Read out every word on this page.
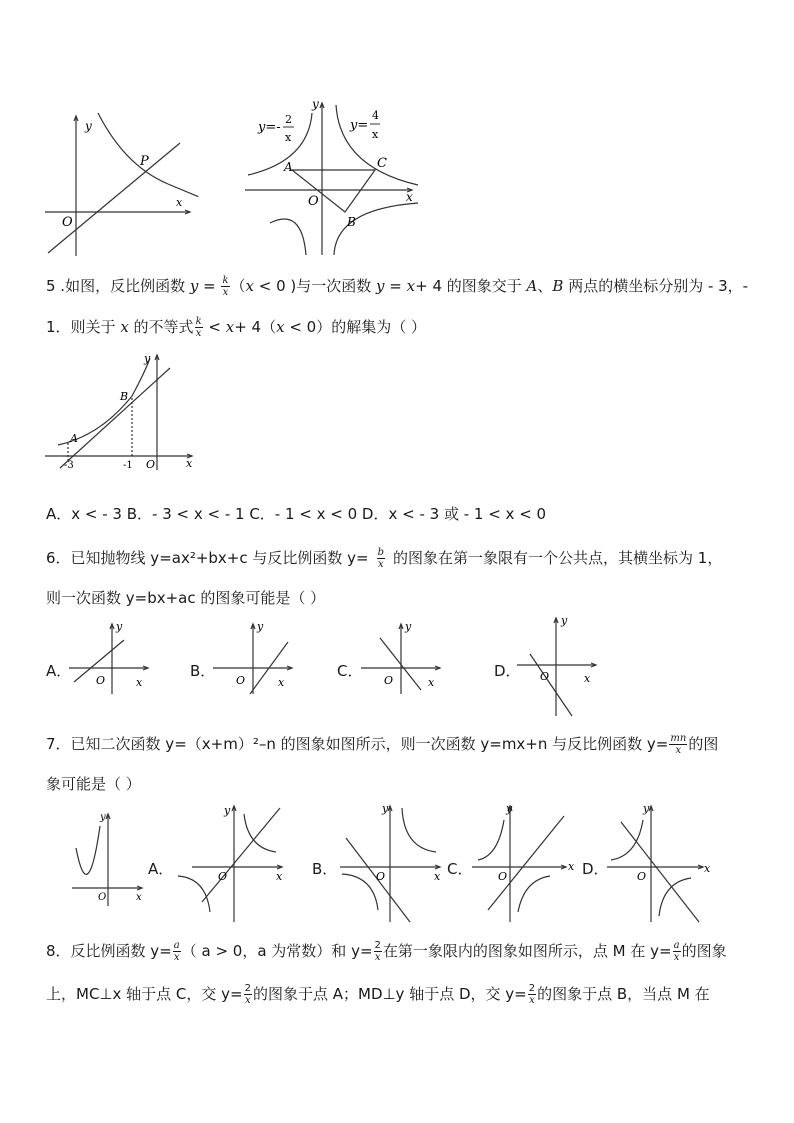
y
x
O
P
y
x
O
A
B
C
y=-
2
x
y=
4
x
5 .如图，反比例函数 $y = \frac{k}{x} (x < 0$ )与一次函数 y = x+ 4 的图象交于 A、B 两点的横坐标分别为 ‐ 3，‐
1．则关于 x 的不等式 $\frac{k}{x} < x+ 4(x < 0)$的解集为（ ）
y
x
O
A
B
-3	-1
A．x < ‐ 3 B．‐ 3 < x < ‐ 1 C．‐ 1 < x < 0 D．x < ‐ 3 或 ‐ 1 < x < 0
6．已知抛物线 y=ax²+bx+c 与反比例函数 $y= \frac{b}{x}$ 的图象在第一象限有一个公共点，其横坐标为 1，
则一次函数 y=bx+ac 的图象可能是（ ）
A．
y
x
O
B．
y
x
O
C．
y
x
O
D．
y
x
O
7．已知二次函数 y=（x+m）²–n 的图象如图所示，则一次函数 y=mx+n 与反比例函数 $y= \frac{mn}{x}$ 的图
象可能是（ ）
y
x
O
A．
y
x
O	B．
y
x
O	C．
y
x
O	D．
y
x
O
8．反比例函数 $y= \frac{a}{x}$ （ a > 0，a 为常数）和 $y= \frac{2}{x}$ 在第一象限内的图象如图所示，点 M 在 $y= \frac{a}{x}$ 的图象
上，MC⊥x 轴于点 C，交 $y= \frac{2}{x}$ 的图象于点 A；MD⊥y 轴于点 D，交 $y= \frac{2}{x}$ 的图象于点 B，当点 M 在
